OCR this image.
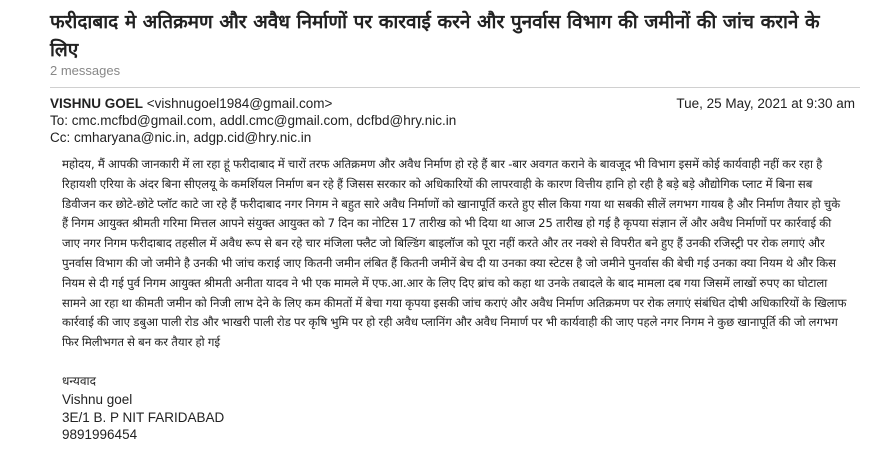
फरीदाबाद मे अतिक्रमण और अवैध निर्माणों पर कारवाई करने और पुनर्वास विभाग की जमीनों की जांच कराने के लिए
2 messages
VISHNU GOEL <vishnugoel1984@gmail.com>	Tue, 25 May, 2021 at 9:30 am
To: cmc.mcfbd@gmail.com, addl.cmc@gmail.com, dcfbd@hry.nic.in
Cc: cmharyana@nic.in, adgp.cid@hry.nic.in
महोदय, मैं आपकी जानकारी में ला रहा हूं फरीदाबाद में चारों तरफ अतिक्रमण और अवैध निर्माण हो रहे हैं बार -बार अवगत कराने के बावजूद भी विभाग इसमें कोई कार्यवाही नहीं कर रहा है रिहायशी एरिया के अंदर बिना सीएलयू के कमर्शियल निर्माण बन रहे हैं जिसस सरकार को अधिकारियों की लापरवाही के कारण वित्तीय हानि हो रही है बड़े बड़े औद्योगिक प्लाट में बिना सब डिवीजन कर छोटे-छोटे प्लॉट काटे जा रहे हैं फरीदाबाद नगर निगम ने बहुत सारे अवैध निर्माणों को खानापूर्ति करते हुए सील किया गया था सबकी सीलें लगभग गायब है और निर्माण तैयार हो चुके हैं निगम आयुक्त श्रीमती गरिमा मित्तल आपने संयुक्त आयुक्त को 7 दिन का नोटिस 17 तारीख को भी दिया था आज 25 तारीख हो गई है कृपया संज्ञान लें और अवैध निर्माणों पर कार्रवाई की जाए नगर निगम फरीदाबाद तहसील में अवैध रूप से बन रहे चार मंजिला फ्लैट जो बिल्डिंग बाइलॉज को पूरा नहीं करते और तर नक्शे से विपरीत बने हुए हैं उनकी रजिस्ट्री पर रोक लगाएं और पुनर्वास विभाग की जो जमीने है उनकी भी जांच कराई जाए कितनी जमीन लंबित हैं कितनी जमीनें बेच दी या उनका क्या स्टेटस है जो जमीने पुनर्वास की बेची गई उनका क्या नियम थे और किस नियम से दी गई पुर्व निगम आयुक्त श्रीमती अनीता यादव ने भी एक मामले में एफ.आ.आर के लिए दिए ब्रांच को कहा था उनके तबादले के बाद मामला दब गया जिसमें लाखों रुपए का घोटाला सामने आ रहा था कीमती जमीन को निजी लाभ देने के लिए कम कीमतों में बेचा गया कृपया इसकी जांच कराएं और अवैध निर्माण अतिक्रमण पर रोक लगाएं संबंधित दोषी अधिकारियों के खिलाफ कार्रवाई की जाए डबुआ पाली रोड और भाखरी पाली रोड पर कृषि भुमि पर हो रही अवैध प्लानिंग और अवैध निमार्ण पर भी कार्यवाही की जाए पहले नगर निगम ने कुछ खानापूर्ति की जो लगभग फिर मिलीभगत से बन कर तैयार हो गई
धन्यवाद
Vishnu goel
3E/1 B. P NIT FARIDABAD
9891996454
